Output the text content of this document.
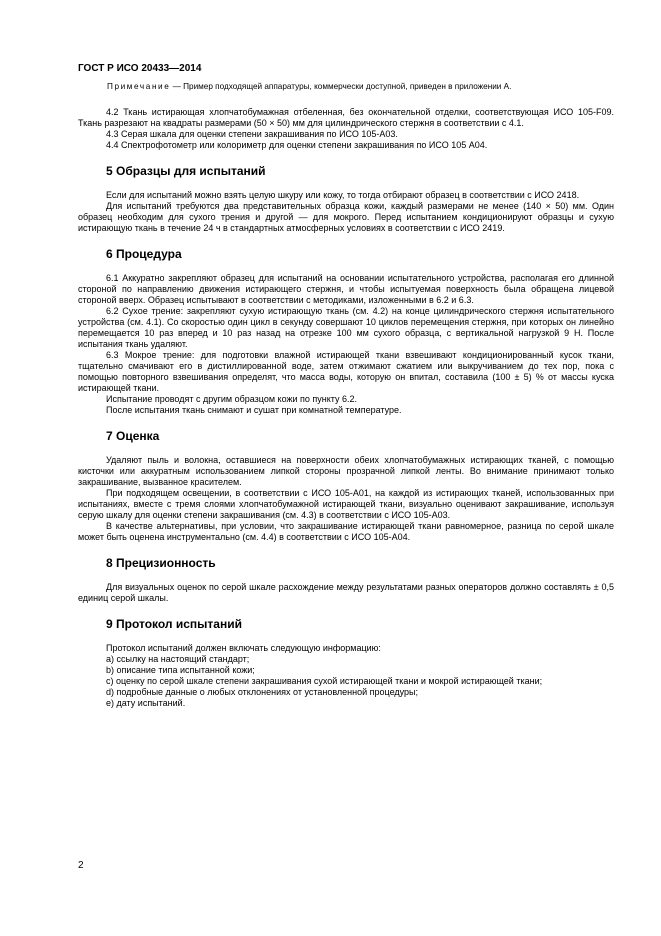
ГОСТ Р ИСО 20433—2014
Примечание — Пример подходящей аппаратуры, коммерчески доступной, приведен в приложении А.

4.2 Ткань истирающая хлопчатобумажная отбеленная, без окончательной отделки, соответствующая ИСО 105-F09. Ткань разрезают на квадраты размерами (50 × 50) мм для цилиндрического стержня в соответствии с 4.1.

4.3 Серая шкала для оценки степени закрашивания по ИСО 105-А03.

4.4 Спектрофотометр или колориметр для оценки степени закрашивания по ИСО 105 А04.

5 Образцы для испытаний

Если для испытаний можно взять целую шкуру или кожу, то тогда отбирают образец в соответствии с ИСО 2418.

Для испытаний требуются два представительных образца кожи, каждый размерами не менее (140 × 50) мм. Один образец необходим для сухого трения и другой — для мокрого. Перед испытанием кондиционируют образцы и сухую истирающую ткань в течение 24 ч в стандартных атмосферных условиях в соответствии с ИСО 2419.

6 Процедура

6.1 Аккуратно закрепляют образец для испытаний на основании испытательного устройства, располагая его длинной стороной по направлению движения истирающего стержня, и чтобы испытуемая поверхность была обращена лицевой стороной вверх. Образец испытывают в соответствии с методиками, изложенными в 6.2 и 6.3.

6.2 Сухое трение: закрепляют сухую истирающую ткань (см. 4.2) на конце цилиндрического стержня испытательного устройства (см. 4.1). Со скоростью один цикл в секунду совершают 10 циклов перемещения стержня, при которых он линейно перемещается 10 раз вперед и 10 раз назад на отрезке 100 мм сухого образца, с вертикальной нагрузкой 9 Н. После испытания ткань удаляют.

6.3 Мокрое трение: для подготовки влажной истирающей ткани взвешивают кондиционированный кусок ткани, тщательно смачивают его в дистиллированной воде, затем отжимают сжатием или выкручиванием до тех пор, пока с помощью повторного взвешивания определят, что масса воды, которую он впитал, составила (100 ± 5) % от массы куска истирающей ткани.

Испытание проводят с другим образцом кожи по пункту 6.2.

После испытания ткань снимают и сушат при комнатной температуре.

7 Оценка

Удаляют пыль и волокна, оставшиеся на поверхности обеих хлопчатобумажных истирающих тканей, с помощью кисточки или аккуратным использованием липкой стороны прозрачной липкой ленты. Во внимание принимают только закрашивание, вызванное красителем.

При подходящем освещении, в соответствии с ИСО 105-А01, на каждой из истирающих тканей, использованных при испытаниях, вместе с тремя слоями хлопчатобумажной истирающей ткани, визуально оценивают закрашивание, используя серую шкалу для оценки степени закрашивания (см. 4.3) в соответствии с ИСО 105-А03.

В качестве альтернативы, при условии, что закрашивание истирающей ткани равномерное, разница по серой шкале может быть оценена инструментально (см. 4.4) в соответствии с ИСО 105-А04.

8 Прецизионность

Для визуальных оценок по серой шкале расхождение между результатами разных операторов должно составлять ± 0,5 единиц серой шкалы.

9 Протокол испытаний
Протокол испытаний должен включать следующую информацию:
a) ссылку на настоящий стандарт;
b) описание типа испытанной кожи;
c) оценку по серой шкале степени закрашивания сухой истирающей ткани и мокрой истирающей ткани;
d) подробные данные о любых отклонениях от установленной процедуры;
e) дату испытаний.
2
